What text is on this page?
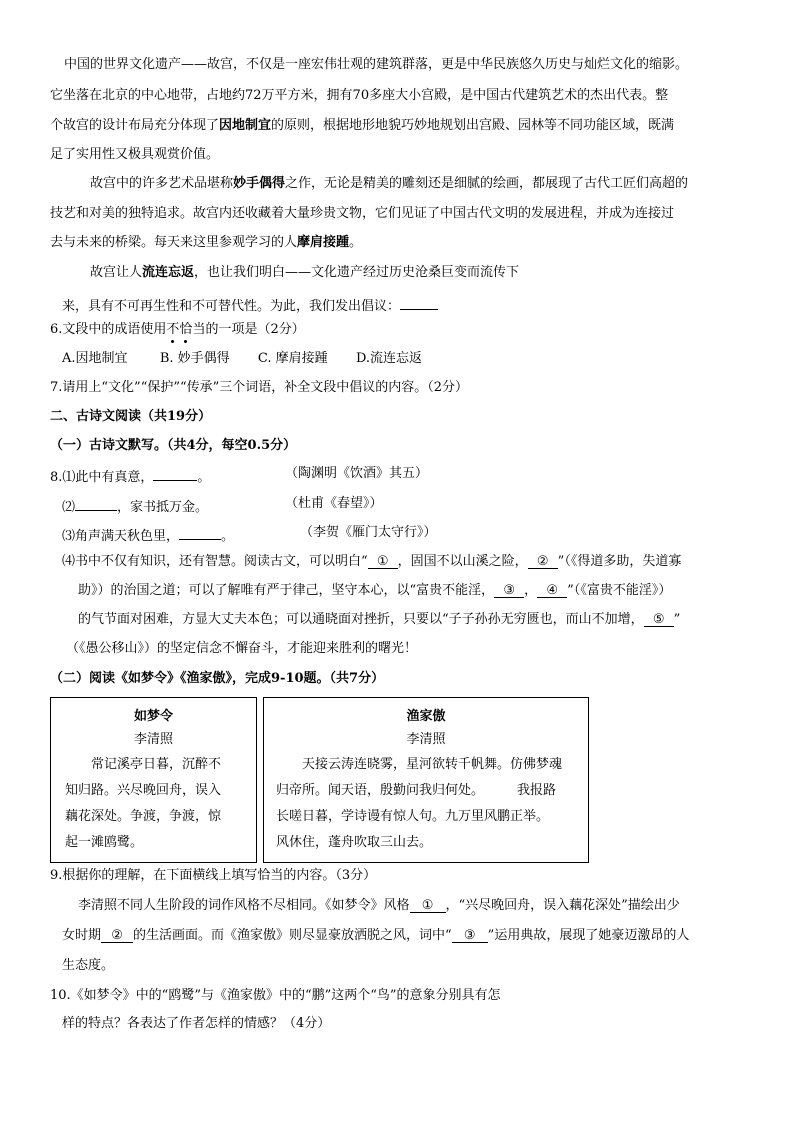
中国的世界文化遗产——故宫，不仅是一座宏伟壮观的建筑群落，更是中华民族悠久历史与灿烂文化的缩影。
它坐落在北京的中心地带，占地约72万平方米，拥有70多座大小宫殿，是中国古代建筑艺术的杰出代表。整
个故宫的设计布局充分体现了因地制宜的原则，根据地形地貌巧妙地规划出宫殿、园林等不同功能区域，既满
足了实用性又极具观赏价值。
故宫中的许多艺术品堪称妙手偶得之作，无论是精美的雕刻还是细腻的绘画，都展现了古代工匠们高超的
技艺和对美的独特追求。故宫内还收藏着大量珍贵文物，它们见证了中国古代文明的发展进程，并成为连接过
去与未来的桥梁。每天来这里参观学习的人摩肩接踵。
故宫让人流连忘返，也让我们明白——文化遗产经过历史沧桑巨变而流传下
来，具有不可再生性和不可替代性。为此，我们发出倡议：
6.文段中的成语使用不恰当的一项是（2分）
A.因地制宜 B. 妙手偶得 C. 摩肩接踵 D.流连忘返
7.请用上“文化”“保护”“传承”三个词语，补全文段中倡议的内容。（2分）
二、古诗文阅读（共19分）
（一）古诗文默写。（共4分，每空0.5分）
8.⑴此中有真意，	。	（陶渊明《饮酒》其五）
⑵	，家书抵万金。	（杜甫《春望》）
⑶角声满天秋色里，	。	（李贺《雁门太守行》）
⑷书中不仅有知识，还有智慧。阅读古文，可以明白“ ① ，固国不以山溪之险， ② ”（《得道多助，失道寡
助》）的治国之道；可以了解唯有严于律己，坚守本心，以“富贵不能淫， ③ ， ④ ”（《富贵不能淫》）
的气节面对困难，方显大丈夫本色；可以通晓面对挫折，只要以“子子孙孙无穷匮也，而山不加增， ⑤ ”
（《愚公移山》）的坚定信念不懈奋斗，才能迎来胜利的曙光！
（二）阅读《如梦令》《渔家傲》，完成9-10题。（共7分）
如梦令
李清照
常记溪亭日暮，沉醉不
知归路。兴尽晚回舟，误入
藕花深处。争渡，争渡，惊
起一滩鸥鹭。
渔家傲
李清照
天接云涛连晓雾，星河欲转千帆舞。仿佛梦魂
归帝所。闻天语，殷勤问我归何处。        我报路
长嗟日暮，学诗谩有惊人句。九万里风鹏正举。
风休住，蓬舟吹取三山去。
9.根据你的理解，在下面横线上填写恰当的内容。（3分）
李清照不同人生阶段的词作风格不尽相同。《如梦令》风格 ① ，“兴尽晚回舟，误入藕花深处”描绘出少
女时期 ② 的生活画面。而《渔家傲》则尽显豪放洒脱之风，词中“ ③ ”运用典故，展现了她豪迈激昂的人
生态度。
10.《如梦令》中的“鸥鹭”与《渔家傲》中的“鹏”这两个“鸟”的意象分别具有怎
样的特点？各表达了作者怎样的情感？（4分）
